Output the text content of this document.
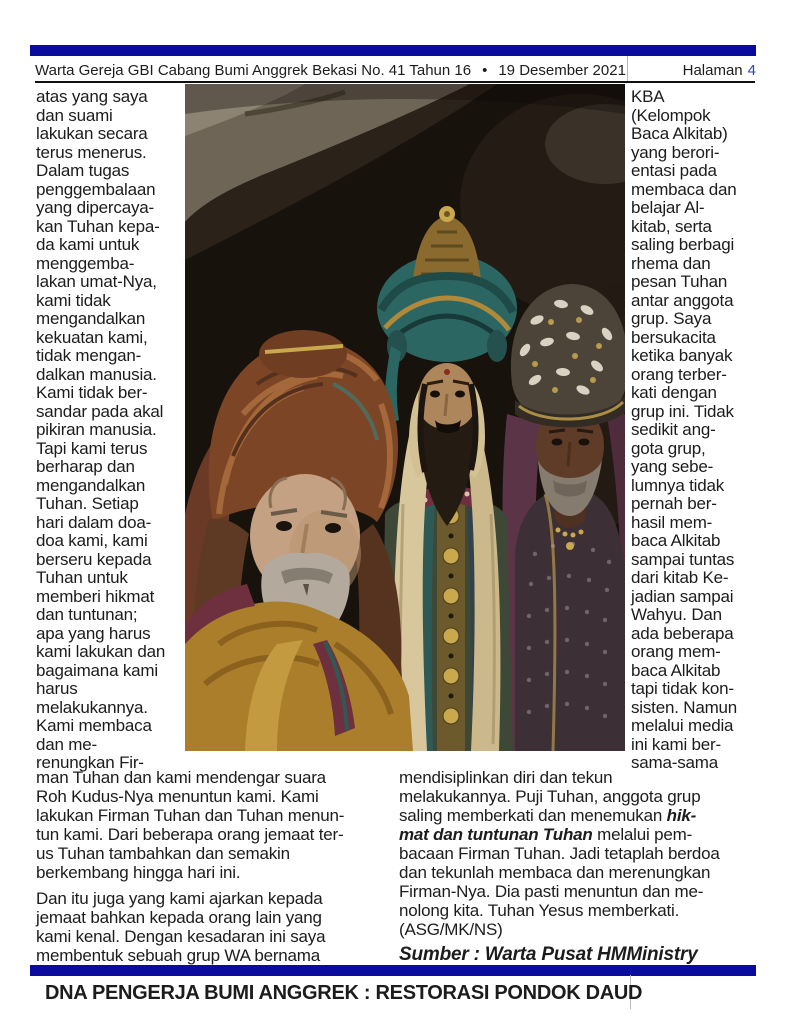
Warta Gereja GBI Cabang Bumi Anggrek Bekasi No. 41 Tahun 16 • 19 Desember 2021	Halaman 4
atas yang saya
dan suami
lakukan secara
terus menerus.
Dalam tugas
penggembalaan
yang dipercaya-
kan Tuhan kepa-
da kami untuk
menggemba-
lakan umat-Nya,
kami tidak
mengandalkan
kekuatan kami,
tidak mengan-
dalkan manusia.
Kami tidak ber-
sandar pada akal
pikiran manusia.
Tapi kami terus
berharap dan
mengandalkan
Tuhan. Setiap
hari dalam doa-
doa kami, kami
berseru kepada
Tuhan untuk
memberi hikmat
dan tuntunan;
apa yang harus
kami lakukan dan
bagaimana kami
harus
melakukannya.
Kami membaca
dan me-
renungkan Fir-
KBA
(Kelompok
Baca Alkitab)
yang berori-
entasi pada
membaca dan
belajar Al-
kitab, serta
saling berbagi
rhema dan
pesan Tuhan
antar anggota
grup. Saya
bersukacita
ketika banyak
orang terber-
kati dengan
grup ini. Tidak
sedikit ang-
gota grup,
yang sebe-
lumnya tidak
pernah ber-
hasil mem-
baca Alkitab
sampai tuntas
dari kitab Ke-
jadian sampai
Wahyu. Dan
ada beberapa
orang mem-
baca Alkitab
tapi tidak kon-
sisten. Namun
melalui media
ini kami ber-
sama-sama
man Tuhan dan kami mendengar suara
Roh Kudus-Nya menuntun kami. Kami
lakukan Firman Tuhan dan Tuhan menun-
tun kami. Dari beberapa orang jemaat ter-
us Tuhan tambahkan dan semakin
berkembang hingga hari ini.
Dan itu juga yang kami ajarkan kepada
jemaat bahkan kepada orang lain yang
kami kenal. Dengan kesadaran ini saya
membentuk sebuah grup WA bernama
mendisiplinkan diri dan tekun
melakukannya. Puji Tuhan, anggota grup
saling memberkati dan menemukan hik-
mat dan tuntunan Tuhan melalui pem-
bacaan Firman Tuhan. Jadi tetaplah berdoa
dan tekunlah membaca dan merenungkan
Firman-Nya. Dia pasti menuntun dan me-
nolong kita. Tuhan Yesus memberkati.
(ASG/MK/NS)
Sumber : Warta Pusat HMMinistry
DNA PENGERJA BUMI ANGGREK : RESTORASI PONDOK DAUD
